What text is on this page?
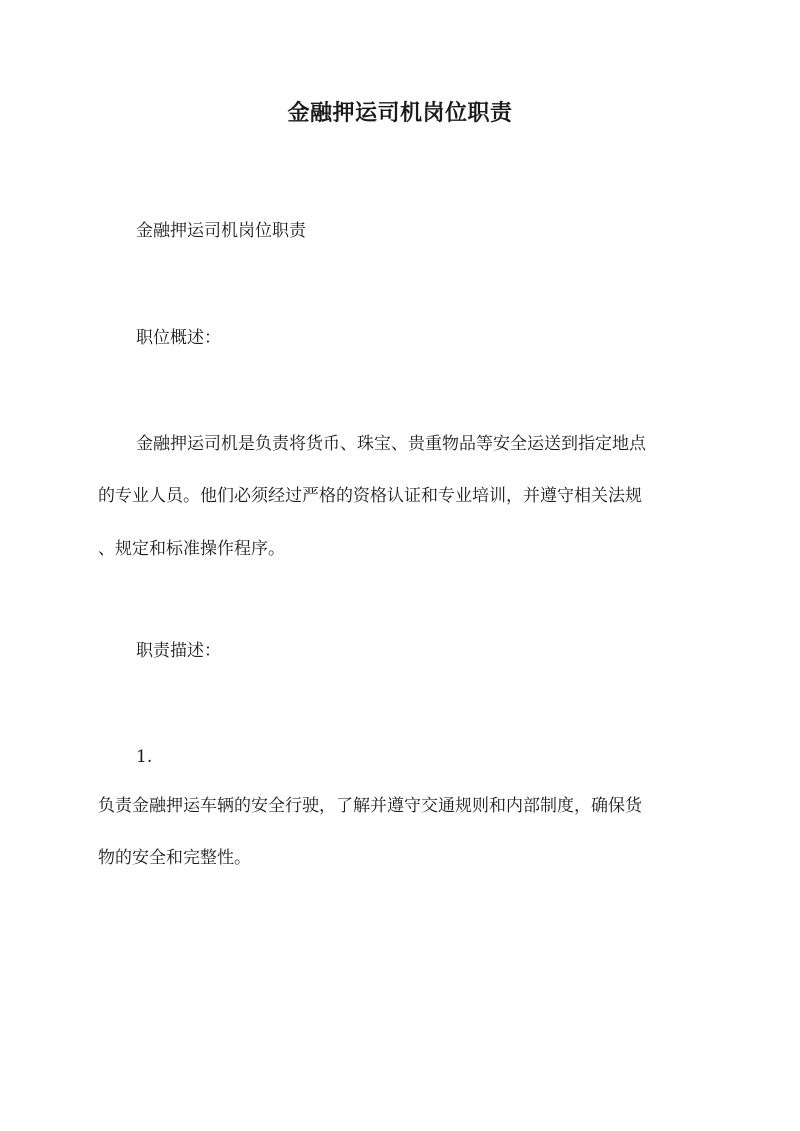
金融押运司机岗位职责
金融押运司机岗位职责
职位概述：
金融押运司机是负责将货币、珠宝、贵重物品等安全运送到指定地点
的专业人员。他们必须经过严格的资格认证和专业培训，并遵守相关法规
、规定和标准操作程序。
职责描述：
1.
负责金融押运车辆的安全行驶，了解并遵守交通规则和内部制度，确保货
物的安全和完整性。
